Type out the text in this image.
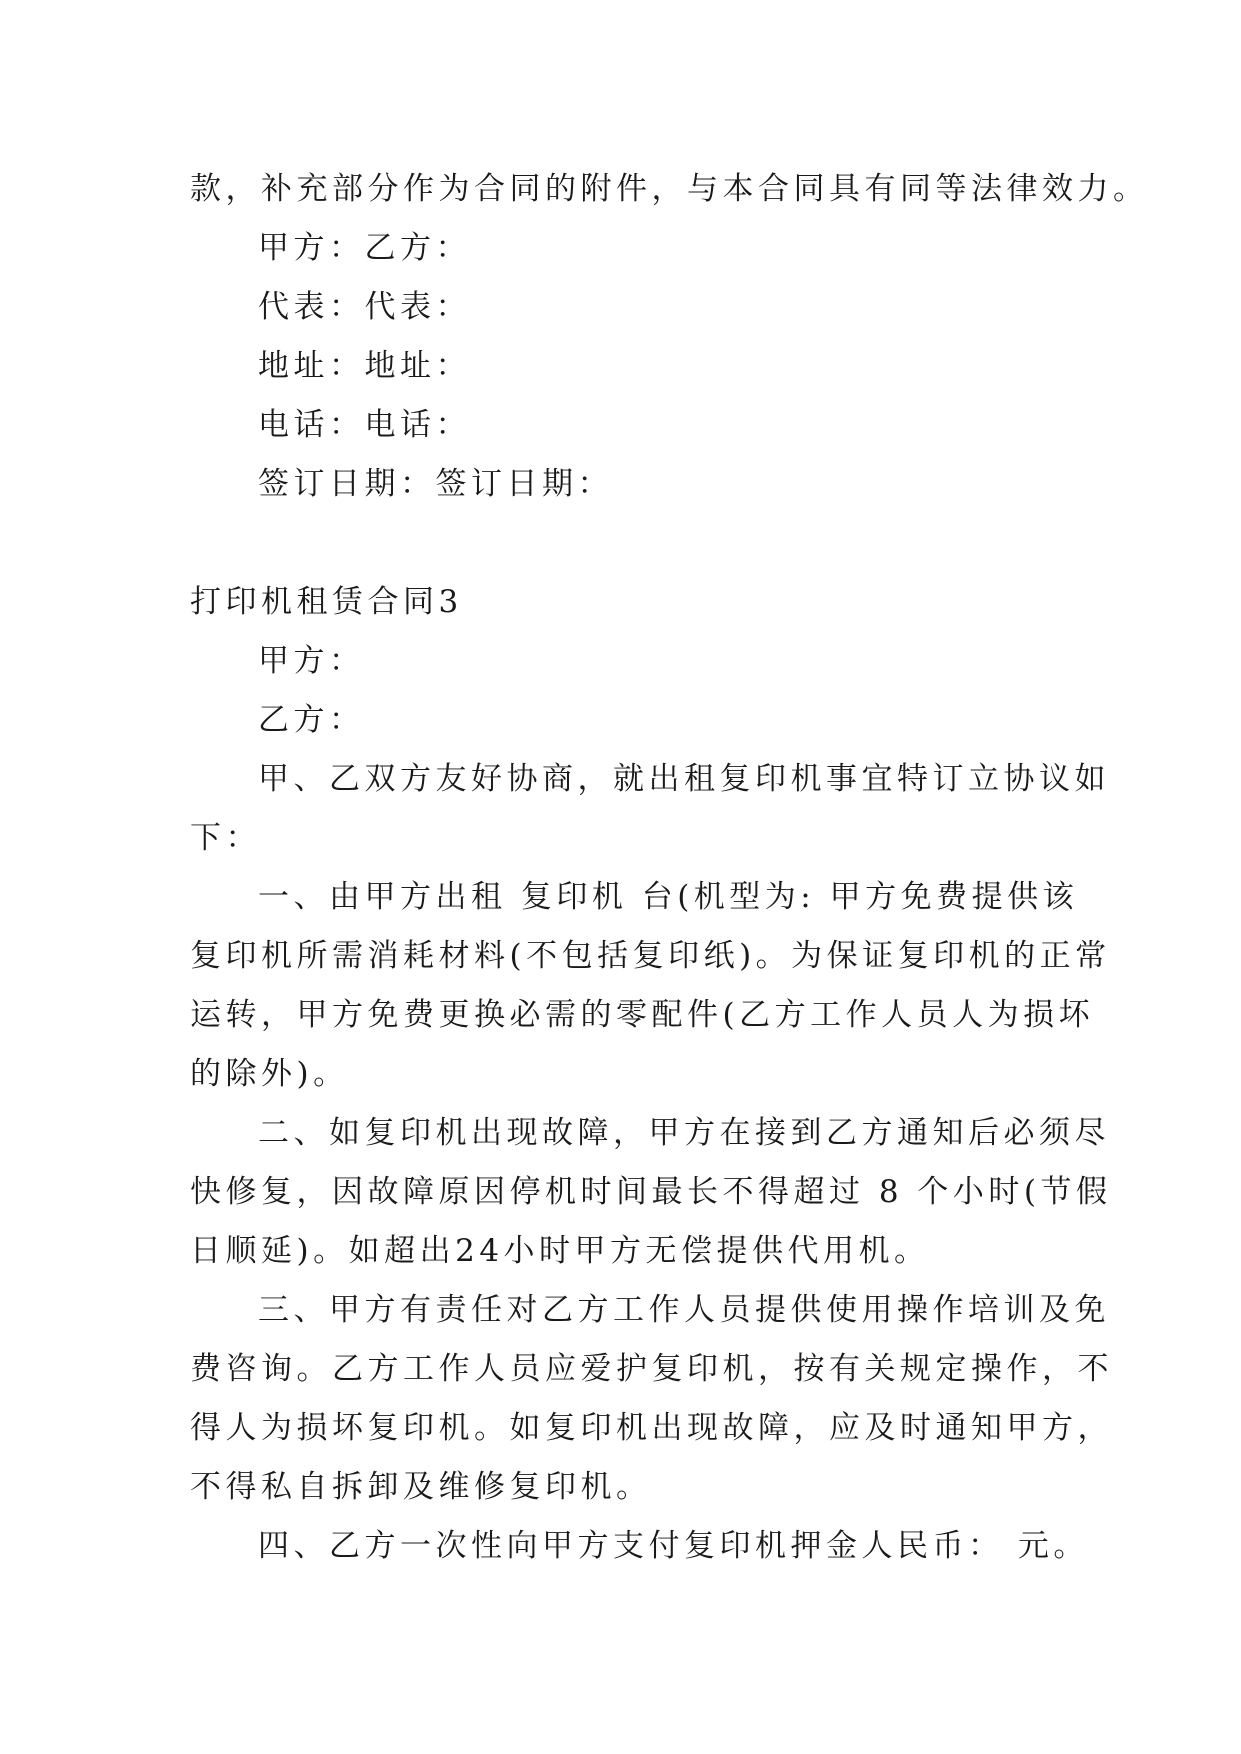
款，补充部分作为合同的附件，与本合同具有同等法律效力。
甲方：乙方：
代表：代表：
地址：地址：
电话：电话：
签订日期：签订日期：
打印机租赁合同3
甲方：
乙方：
甲、乙双方友好协商，就出租复印机事宜特订立协议如
下：
一、由甲方出租 复印机 台(机型为: 甲方免费提供该
复印机所需消耗材料(不包括复印纸)。为保证复印机的正常
运转，甲方免费更换必需的零配件(乙方工作人员人为损坏
的除外)。
二、如复印机出现故障，甲方在接到乙方通知后必须尽
快修复，因故障原因停机时间最长不得超过 8 个小时(节假
日顺延)。如超出24小时甲方无偿提供代用机。
三、甲方有责任对乙方工作人员提供使用操作培训及免
费咨询。乙方工作人员应爱护复印机，按有关规定操作，不
得人为损坏复印机。如复印机出现故障，应及时通知甲方，
不得私自拆卸及维修复印机。
四、乙方一次性向甲方支付复印机押金人民币： 元。
